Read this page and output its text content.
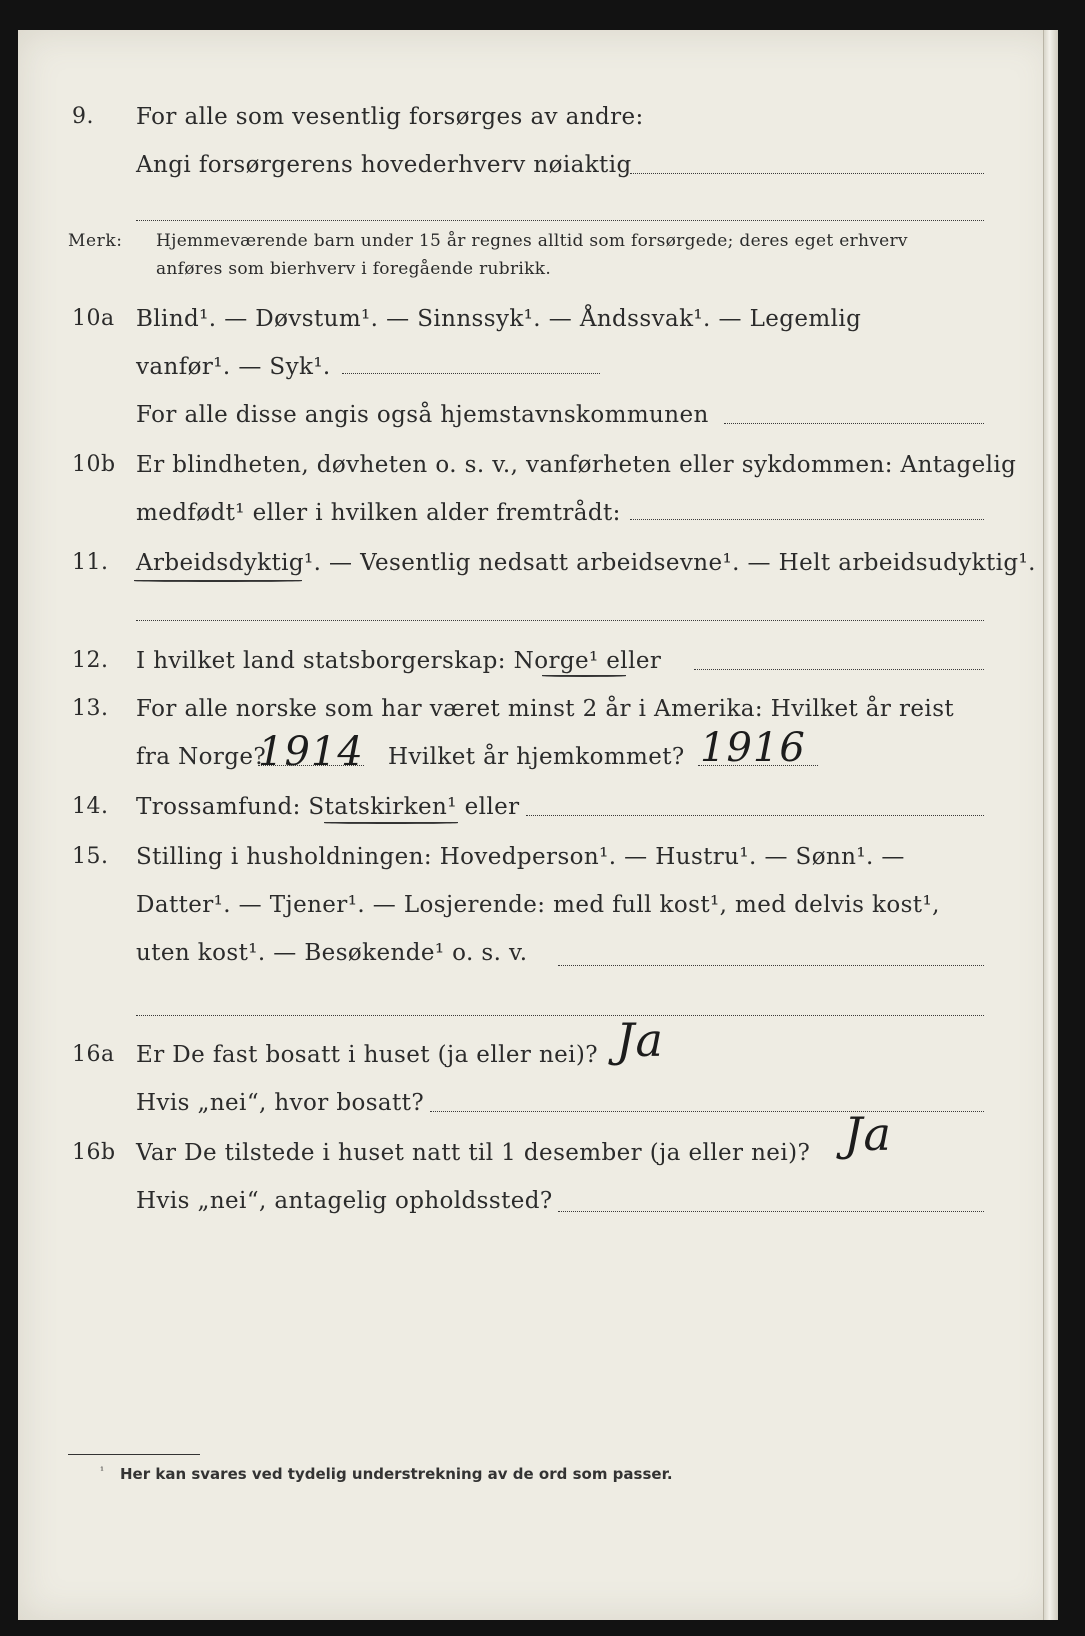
9. For alle som vesentlig forsørges av andre:
Angi forsørgerens hovederhverv nøiaktig
Merk: Hjemmeværende barn under 15 år regnes alltid som forsørgede; deres eget erhverv
anføres som bierhverv i foregående rubrikk.
10a Blind¹. — Døvstum¹. — Sinnssyk¹. — Åndssvak¹. — Legemlig
vanfør¹. — Syk¹.
For alle disse angis også hjemstavnskommunen
10b Er blindheten, døvheten o. s. v., vanførheten eller sykdommen: Antagelig
medfødt¹ eller i hvilken alder fremtrådt:
11. Arbeidsdyktig¹. — Vesentlig nedsatt arbeidsevne¹. — Helt arbeidsudyktig¹.
12. I hvilket land statsborgerskap: Norge¹ eller
13. For alle norske som har været minst 2 år i Amerika: Hvilket år reist
fra Norge?	Hvilket år hjemkommet?
1914	1916
14. Trossamfund: Statskirken¹ eller
15. Stilling i husholdningen: Hovedperson¹. — Hustru¹. — Sønn¹. —
Datter¹. — Tjener¹. — Losjerende: med full kost¹, med delvis kost¹,
uten kost¹. — Besøkende¹ o. s. v.
16a Er De fast bosatt i huset (ja eller nei)? Ja
Hvis „nei“, hvor bosatt?
16b Var De tilstede i huset natt til 1 desember (ja eller nei)? Ja
Hvis „nei“, antagelig opholdssted?
¹ Her kan svares ved tydelig understrekning av de ord som passer.
